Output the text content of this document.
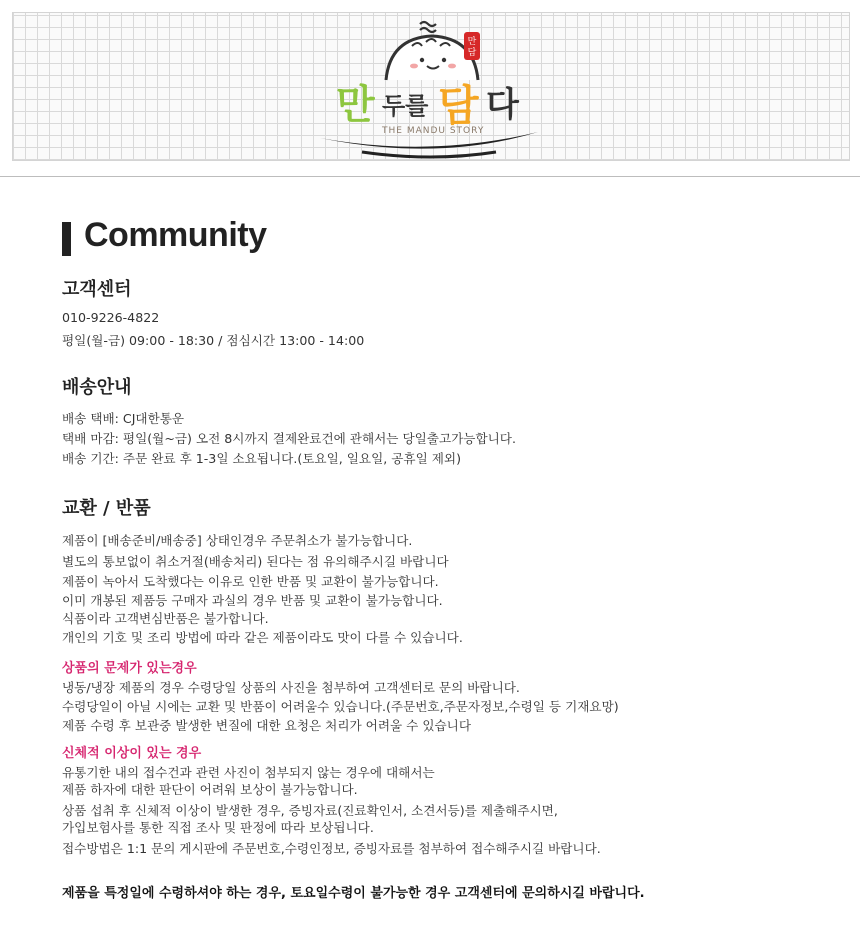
만
담
만 두를 담 다
THE MANDU STORY
Community
고객센터
010-9226-4822
평일(월-금) 09:00 - 18:30 / 점심시간 13:00 - 14:00
배송안내
배송 택배: CJ대한통운
택배 마감: 평일(월~금) 오전 8시까지 결제완료건에 관해서는 당일출고가능합니다.
배송 기간: 주문 완료 후 1-3일 소요됩니다.(토요일, 일요일, 공휴일 제외)
교환 / 반품
제품이 [배송준비/배송중] 상태인경우 주문취소가 불가능합니다.
별도의 통보없이 취소거절(배송처리) 된다는 점 유의해주시길 바랍니다
제품이 녹아서 도착했다는 이유로 인한 반품 및 교환이 불가능합니다.
이미 개봉된 제품등 구매자 과실의 경우 반품 및 교환이 불가능합니다.
식품이라 고객변심반품은 불가합니다.
개인의 기호 및 조리 방법에 따라 같은 제품이라도 맛이 다를 수 있습니다.
상품의 문제가 있는경우
냉동/냉장 제품의 경우 수령당일 상품의 사진을 첨부하여 고객센터로 문의 바랍니다.
수령당일이 아닐 시에는 교환 및 반품이 어려울수 있습니다.(주문번호,주문자정보,수령일 등 기재요망)
제품 수령 후 보관중 발생한 변질에 대한 요청은 처리가 어려울 수 있습니다
신체적 이상이 있는 경우
유통기한 내의 접수건과 관련 사진이 첨부되지 않는 경우에 대해서는
제품 하자에 대한 판단이 어려워 보상이 불가능합니다.
상품 섭취 후 신체적 이상이 발생한 경우, 증빙자료(진료확인서, 소견서등)를 제출해주시면,
가입보험사를 통한 직접 조사 및 판정에 따라 보상됩니다.
접수방법은 1:1 문의 게시판에 주문번호,수령인정보, 증빙자료를 첨부하여 접수해주시길 바랍니다.
제품을 특정일에 수령하셔야 하는 경우, 토요일수령이 불가능한 경우 고객센터에 문의하시길 바랍니다.
